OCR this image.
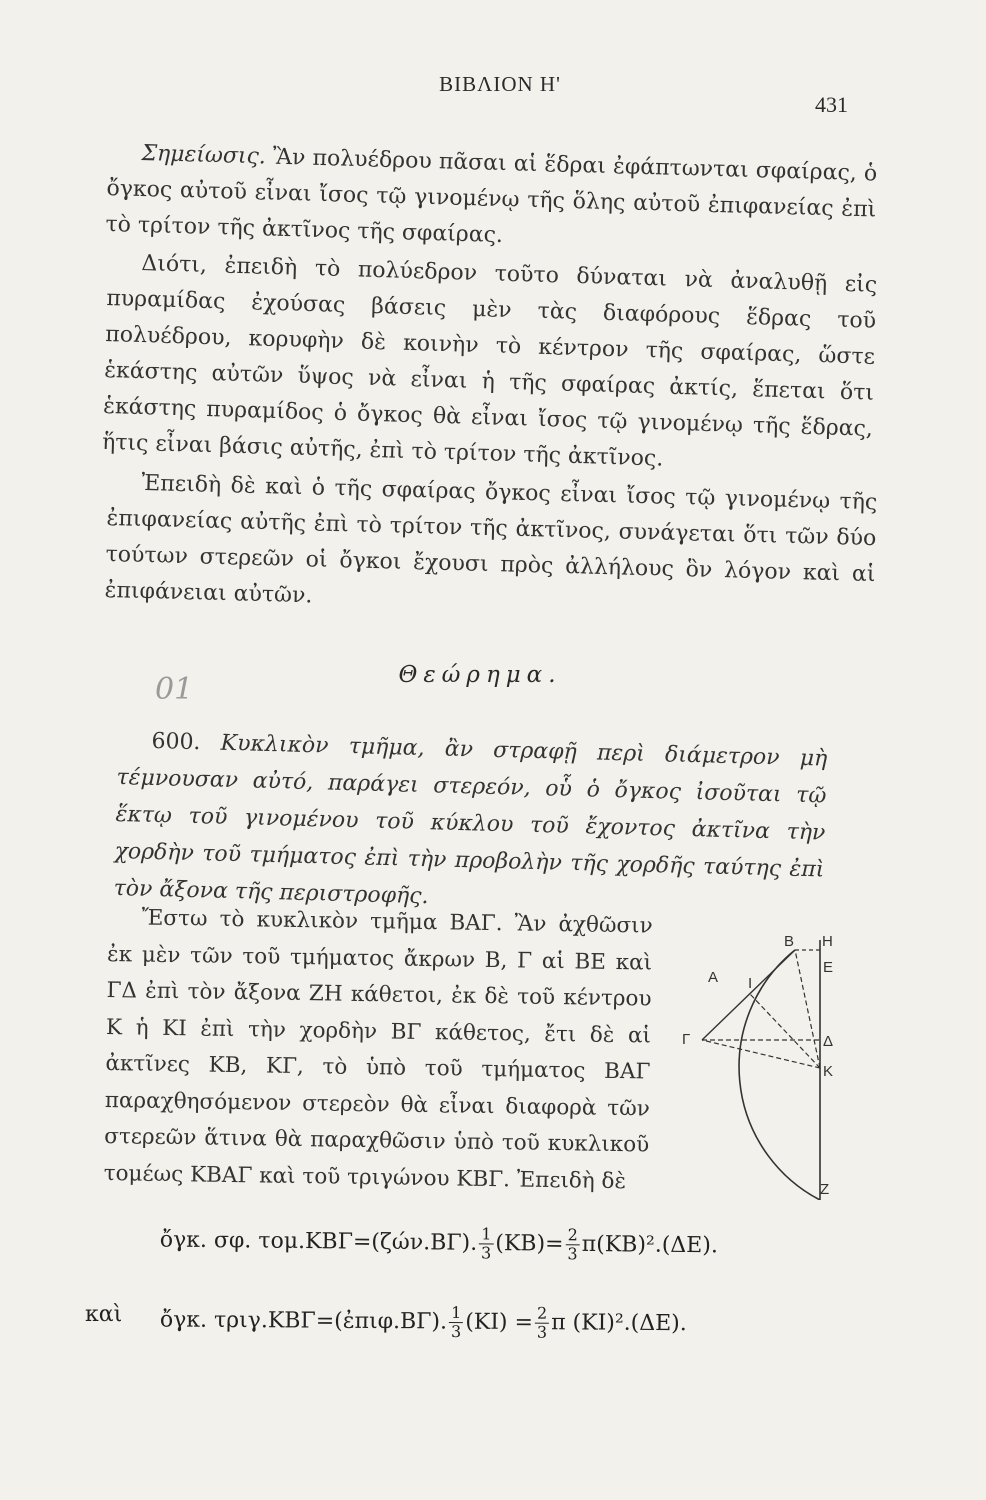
ΒΙΒΛΙΟΝ Η'
431
Σημείωσις. Ἂν πολυέδρου πᾶσαι αἱ ἕδραι ἐφάπτωνται σφαίρας, ὁ ὄγκος αὐτοῦ εἶναι ἴσος τῷ γινομένῳ τῆς ὅλης αὐτοῦ ἐπιφανείας ἐπὶ τὸ τρίτον τῆς ἀκτῖνος τῆς σφαίρας.
Διότι, ἐπειδὴ τὸ πολύεδρον τοῦτο δύναται νὰ ἀναλυθῇ εἰς πυραμίδας ἐχούσας βάσεις μὲν τὰς διαφόρους ἕδρας τοῦ πολυέδρου, κορυφὴν δὲ κοινὴν τὸ κέντρον τῆς σφαίρας, ὥστε ἑκάστης αὐτῶν ὕψος νὰ εἶναι ἡ τῆς σφαίρας ἀκτίς, ἕπεται ὅτι ἑκάστης πυραμίδος ὁ ὄγκος θὰ εἶναι ἴσος τῷ γινομένῳ τῆς ἕδρας, ἥτις εἶναι βάσις αὐτῆς, ἐπὶ τὸ τρίτον τῆς ἀκτῖνος.
Ἐπειδὴ δὲ καὶ ὁ τῆς σφαίρας ὄγκος εἶναι ἴσος τῷ γινομένῳ τῆς ἐπιφανείας αὐτῆς ἐπὶ τὸ τρίτον τῆς ἀκτῖνος, συνάγεται ὅτι τῶν δύο τούτων στερεῶν οἱ ὄγκοι ἔχουσι πρὸς ἀλλήλους ὃν λόγον καὶ αἱ ἐπιφάνειαι αὐτῶν.
01	Θεώρημα.
600. Κυκλικὸν τμῆμα, ἂν στραφῇ περὶ διάμετρον μὴ τέμνουσαν αὐτό, παράγει στερεόν, οὗ ὁ ὄγκος ἰσοῦται τῷ ἕκτῳ τοῦ γινομένου τοῦ κύκλου τοῦ ἔχοντος ἀκτῖνα τὴν χορδὴν τοῦ τμήματος ἐπὶ τὴν προβολὴν τῆς χορδῆς ταύτης ἐπὶ τὸν ἄξονα τῆς περιστροφῆς.
Ἔστω τὸ κυκλικὸν τμῆμα ΒΑΓ. Ἂν ἀχθῶσιν ἐκ μὲν τῶν τοῦ τμήματος ἄκρων Β, Γ αἱ ΒΕ καὶ ΓΔ ἐπὶ τὸν ἄξονα ΖΗ κάθετοι, ἐκ δὲ τοῦ κέντρου Κ ἡ ΚΙ ἐπὶ τὴν χορδὴν ΒΓ κάθετος, ἔτι δὲ αἱ ἀκτῖνες ΚΒ, ΚΓ, τὸ ὑπὸ τοῦ τμήματος ΒΑΓ παραχθησόμενον στερεὸν θὰ εἶναι διαφορὰ τῶν στερεῶν ἅτινα θὰ παραχθῶσιν ὑπὸ τοῦ κυκλικοῦ τομέως ΚΒΑΓ καὶ τοῦ τριγώνου ΚΒΓ. Ἐπειδὴ δὲ
B H
E
A I
Γ	Δ
K
Z
ὄγκ. σφ. τομ.ΚΒΓ=(ζών.ΒΓ). $\frac{1}{3} (KB)= \frac{2}{3} \pi(KB)^2.(\Delta E)$.
καὶ ὄγκ. τριγ.ΚΒΓ=(ἐπιφ.ΒΓ). $\frac{1}{3} (KI) = \frac{2}{3}$ π (ΚΙ)².(ΔΕ).
